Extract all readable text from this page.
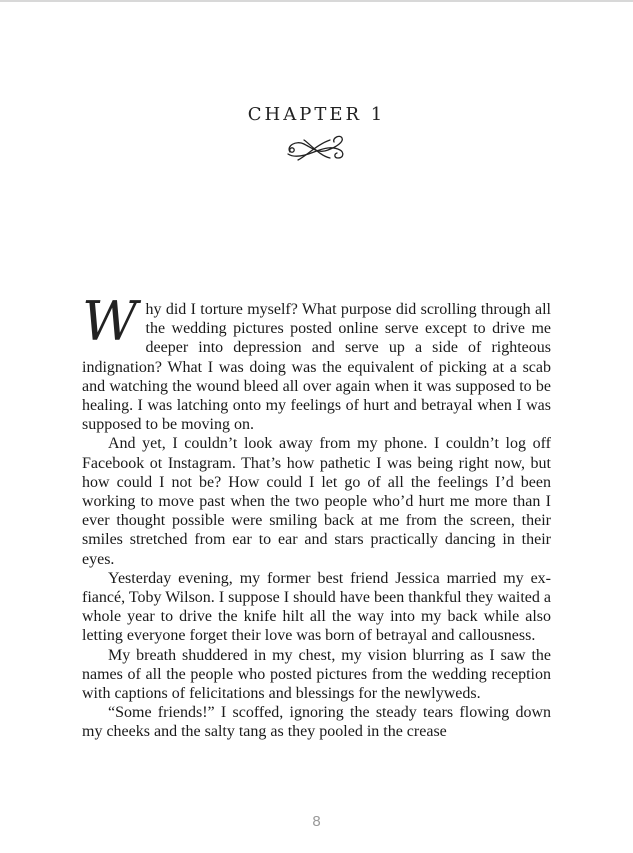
CHAPTER 1

Why did I torture myself? What purpose did scrolling through all the wedding pictures posted online serve except to drive me deeper into depression and serve up a side of righteous indignation? What I was doing was the equivalent of picking at a scab and watching the wound bleed all over again when it was supposed to be healing. I was latching onto my feelings of hurt and betrayal when I was supposed to be moving on.

And yet, I couldn’t look away from my phone. I couldn’t log off Facebook ot Instagram. That’s how pathetic I was being right now, but how could I not be? How could I let go of all the feelings I’d been working to move past when the two people who’d hurt me more than I ever thought possible were smiling back at me from the screen, their smiles stretched from ear to ear and stars practically dancing in their eyes.

Yesterday evening, my former best friend Jessica married my ex-fiancé, Toby Wilson. I suppose I should have been thankful they waited a whole year to drive the knife hilt all the way into my back while also letting everyone forget their love was born of betrayal and callousness.

My breath shuddered in my chest, my vision blurring as I saw the names of all the people who posted pictures from the wedding reception with captions of felicitations and blessings for the newlyweds.

“Some friends!” I scoffed, ignoring the steady tears flowing down my cheeks and the salty tang as they pooled in the crease

8
